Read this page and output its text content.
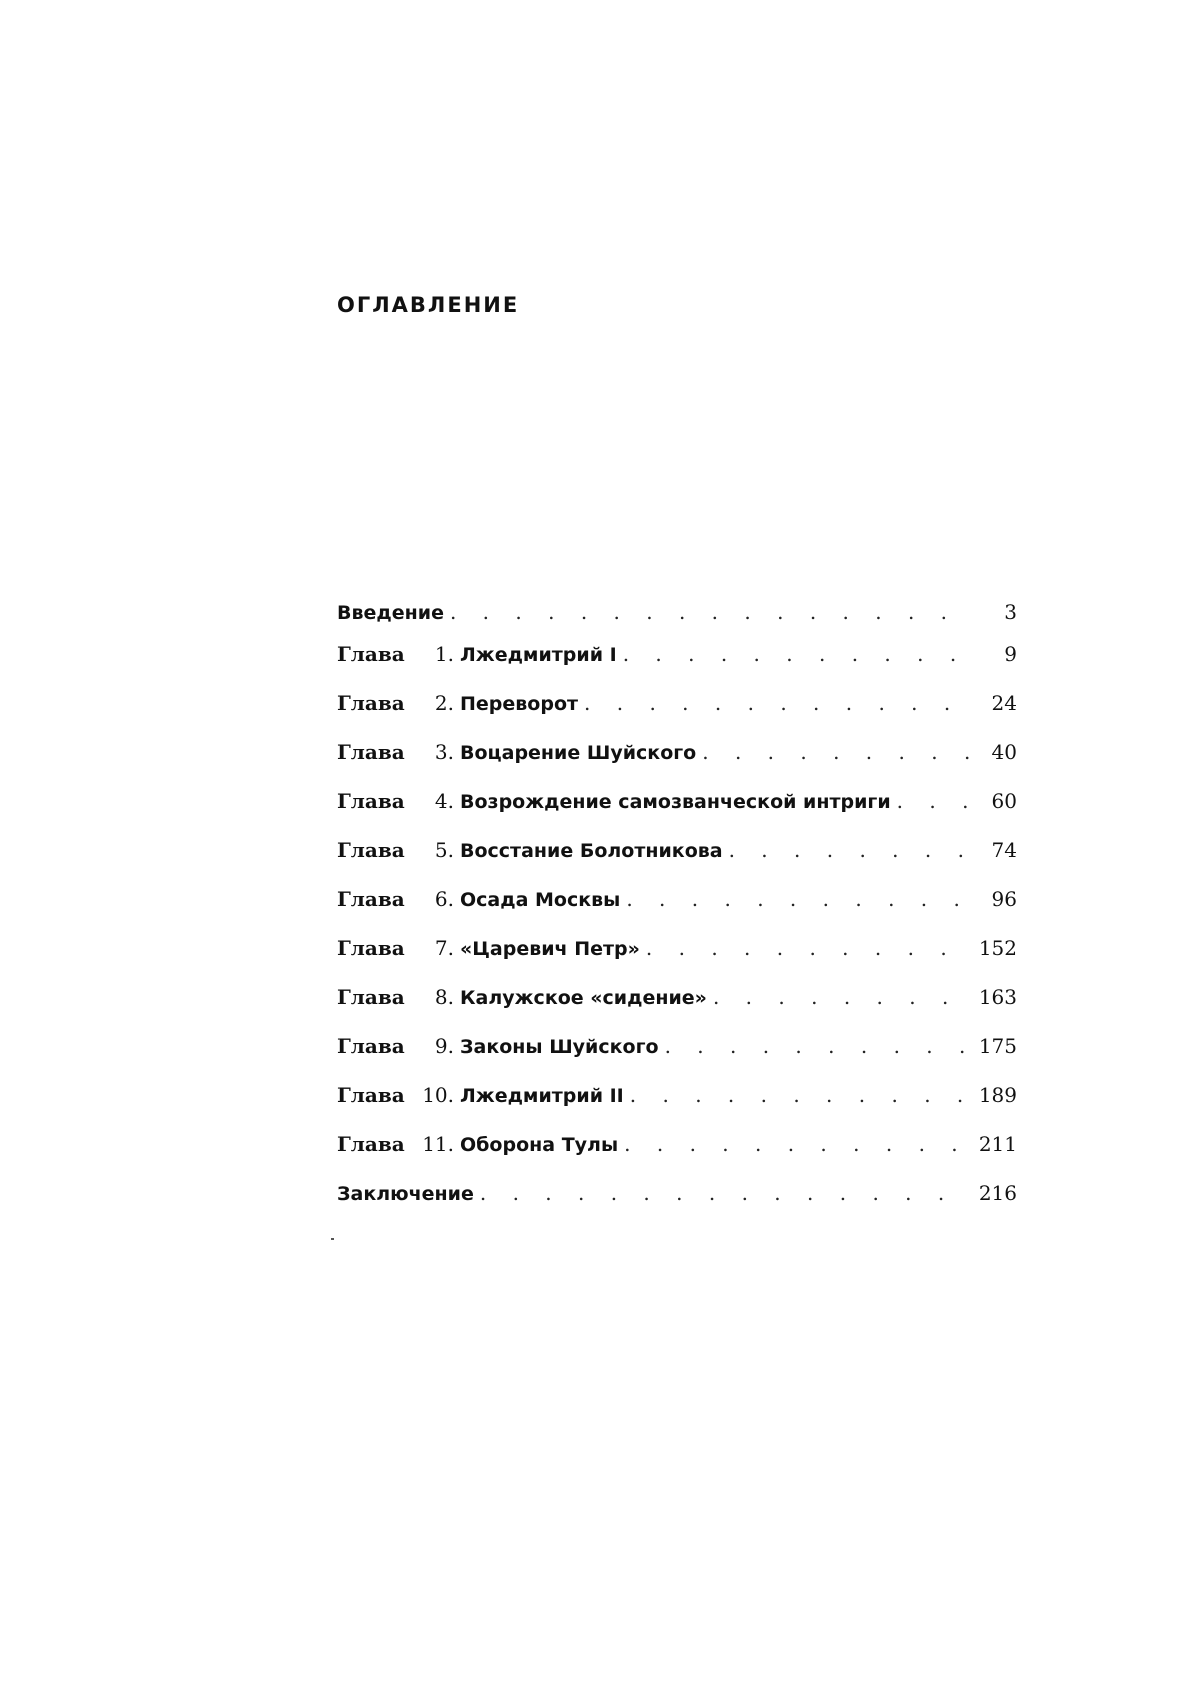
ОГЛАВЛЕНИЕ
Введение . . .	3
Глава	1. Лжедмитрий I . . .	9
Глава	2. Переворот . . .	24
Глава	3. Воцарение Шуйского . . .	40
Глава	4. Возрождение самозванческой интриги . . .	60
Глава	5. Восстание Болотникова . . .	74
Глава	6. Осада Москвы . . .	96
Глава	7. «Царевич Петр» . . .	152
Глава	8. Калужское «сидение» . . .	163
Глава	9. Законы Шуйского . . .	175
Глава 10. Лжедмитрий II . . .	189
Глава 11. Оборона Тулы . . .	211
Заключение . . .	216
